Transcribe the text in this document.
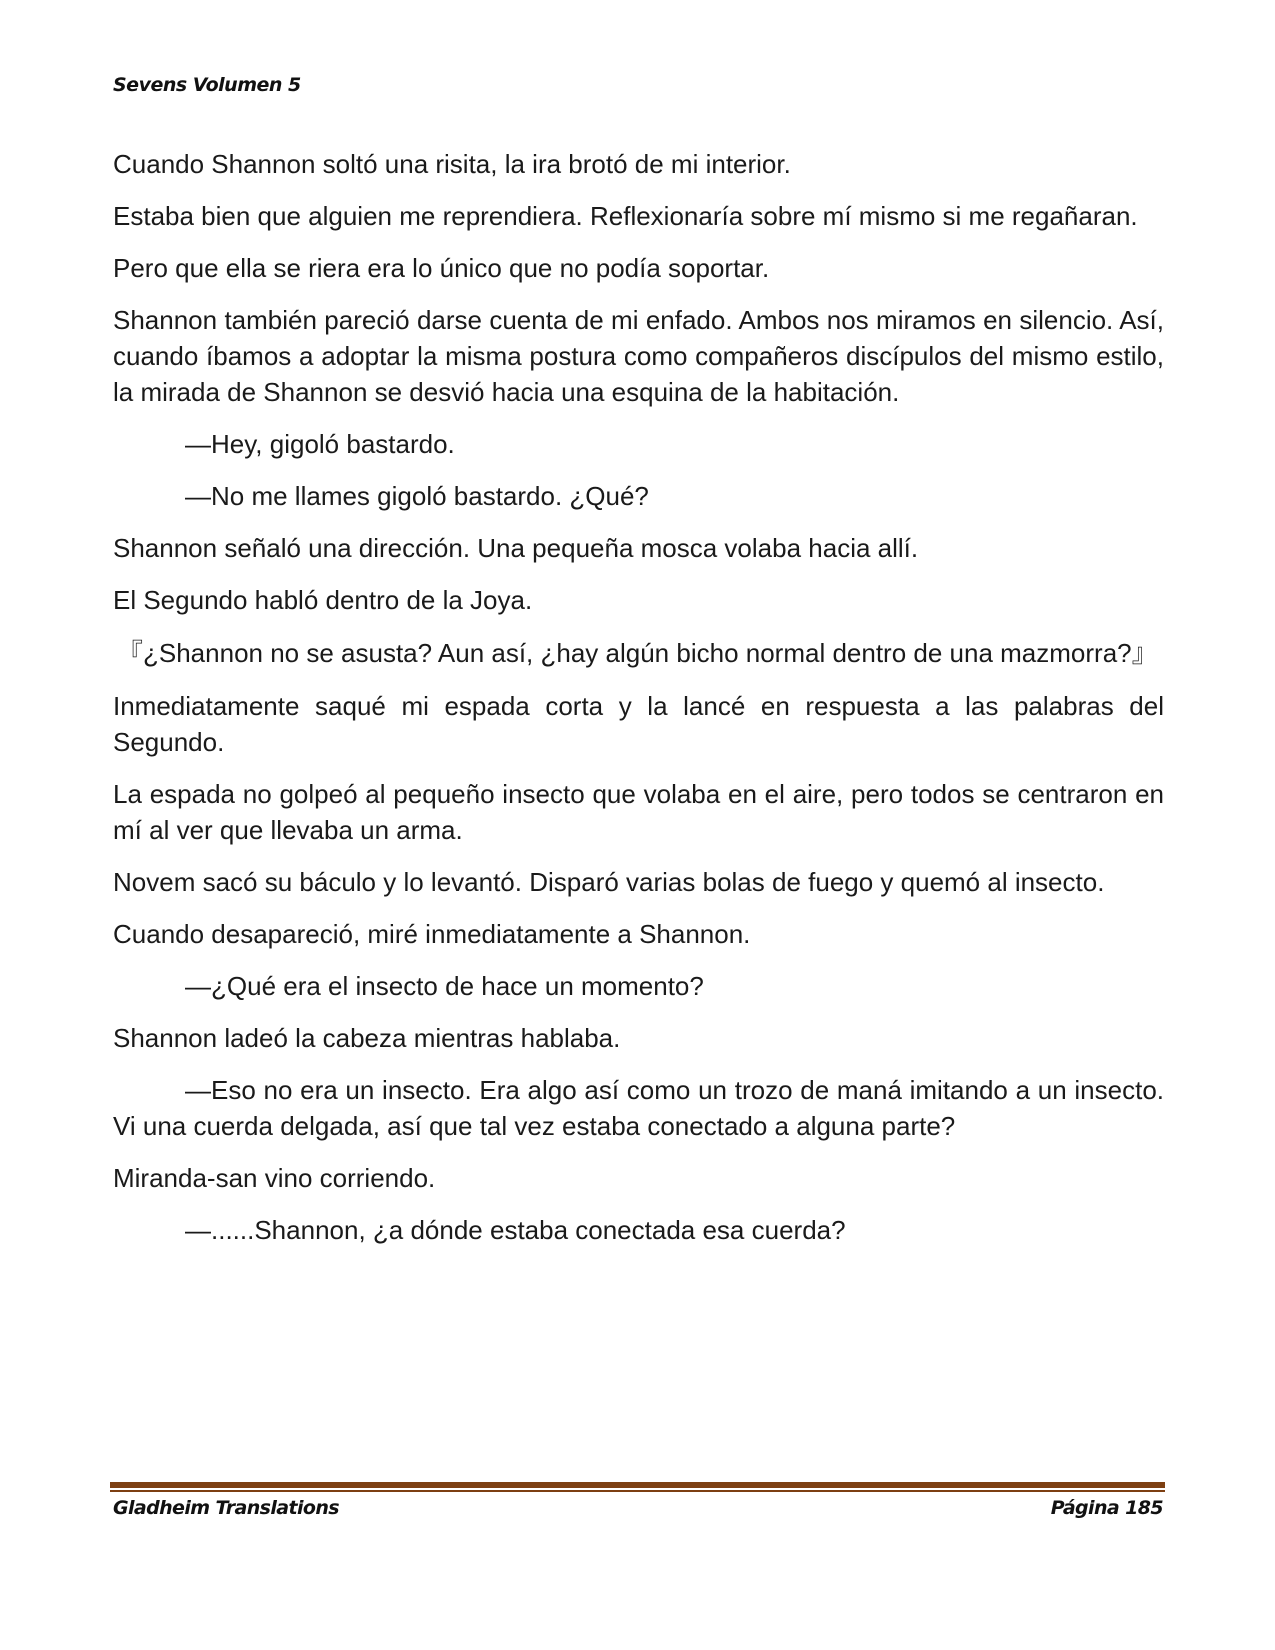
Sevens Volumen 5

Cuando Shannon soltó una risita, la ira brotó de mi interior.

Estaba bien que alguien me reprendiera. Reflexionaría sobre mí mismo si me regañaran.

Pero que ella se riera era lo único que no podía soportar.

Shannon también pareció darse cuenta de mi enfado. Ambos nos miramos en silencio. Así, cuando íbamos a adoptar la misma postura como compañeros discípulos del mismo estilo, la mirada de Shannon se desvió hacia una esquina de la habitación.

—Hey, gigoló bastardo.

—No me llames gigoló bastardo. ¿Qué?

Shannon señaló una dirección. Una pequeña mosca volaba hacia allí.

El Segundo habló dentro de la Joya.

『¿Shannon no se asusta? Aun así, ¿hay algún bicho normal dentro de una mazmorra?』

Inmediatamente saqué mi espada corta y la lancé en respuesta a las palabras del Segundo.

La espada no golpeó al pequeño insecto que volaba en el aire, pero todos se centraron en mí al ver que llevaba un arma.

Novem sacó su báculo y lo levantó. Disparó varias bolas de fuego y quemó al insecto.

Cuando desapareció, miré inmediatamente a Shannon.

—¿Qué era el insecto de hace un momento?

Shannon ladeó la cabeza mientras hablaba.

—Eso no era un insecto. Era algo así como un trozo de maná imitando a un insecto. Vi una cuerda delgada, así que tal vez estaba conectado a alguna parte?

Miranda-san vino corriendo.

—......Shannon, ¿a dónde estaba conectada esa cuerda?

Gladheim Translations	Página 185
